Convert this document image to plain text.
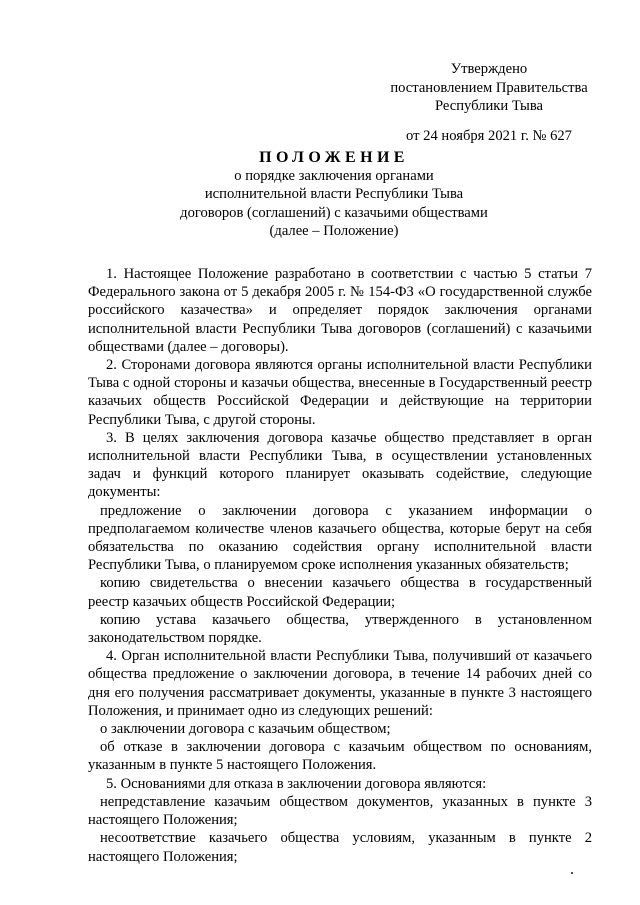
Утверждено
постановлением Правительства
Республики Тыва
от 24 ноября 2021 г. № 627
ПОЛОЖЕНИЕ
о порядке заключения органами
исполнительной власти Республики Тыва
договоров (соглашений) с казачьими обществами
(далее – Положение)

1. Настоящее Положение разработано в соответствии с частью 5 статьи 7 Федерального закона от 5 декабря 2005 г. № 154-ФЗ «О государственной службе российского казачества» и определяет порядок заключения органами исполнительной власти Республики Тыва договоров (соглашений) с казачьими обществами (далее – договоры).

2. Сторонами договора являются органы исполнительной власти Республики Тыва с одной стороны и казачьи общества, внесенные в Государственный реестр казачьих обществ Российской Федерации и действующие на территории Республики Тыва, с другой стороны.

3. В целях заключения договора казачье общество представляет в орган исполнительной власти Республики Тыва, в осуществлении установленных задач и функций которого планирует оказывать содействие, следующие документы:

предложение о заключении договора с указанием информации о предполагаемом количестве членов казачьего общества, которые берут на себя обязательства по оказанию содействия органу исполнительной власти Республики Тыва, о планируемом сроке исполнения указанных обязательств;

копию свидетельства о внесении казачьего общества в государственный реестр казачьих обществ Российской Федерации;

копию устава казачьего общества, утвержденного в установленном законодательством порядке.

4. Орган исполнительной власти Республики Тыва, получивший от казачьего общества предложение о заключении договора, в течение 14 рабочих дней со дня его получения рассматривает документы, указанные в пункте 3 настоящего Положения, и принимает одно из следующих решений:

о заключении договора с казачьим обществом;

об отказе в заключении договора с казачьим обществом по основаниям, указанным в пункте 5 настоящего Положения.

5. Основаниями для отказа в заключении договора являются:

непредставление казачьим обществом документов, указанных в пункте 3 настоящего Положения;

несоответствие казачьего общества условиям, указанным в пункте 2 настоящего Положения;
